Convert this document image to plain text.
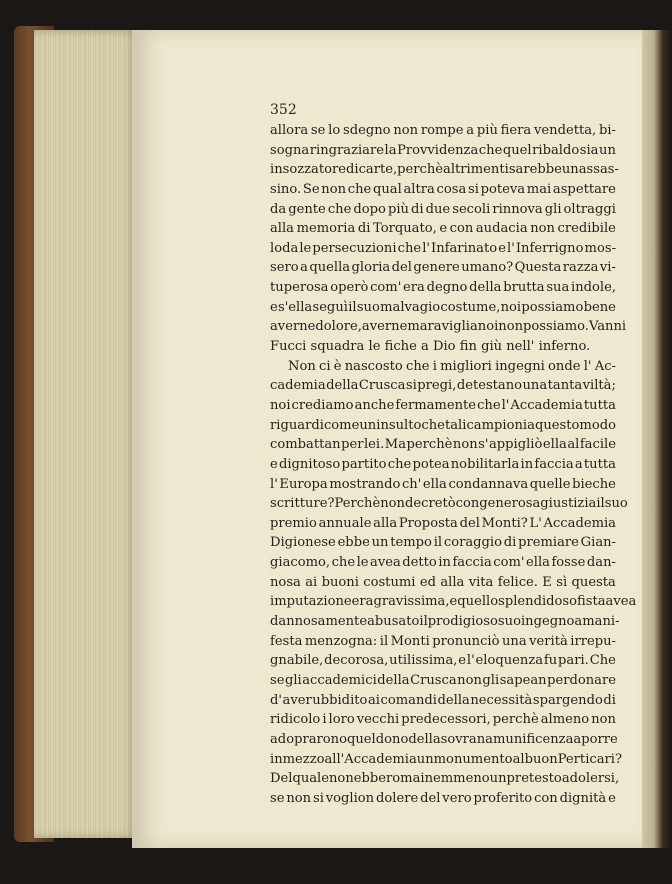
352
allora se lo sdegno non rompe a più fiera vendetta, bi-
sogna ringraziare la Provvidenza che quel ribaldo sia un
insozzatore di carte, perchè altrimenti sarebbe un assas-
sino. Se non che qual altra cosa si poteva mai aspettare
da gente che dopo più di due secoli rinnova gli oltraggi
alla memoria di Torquato, e con audacia non credibile
loda le persecuzioni che l' Infarinato e l' Inferrigno mos-
sero a quella gloria del genere umano? Questa razza vi-
tuperosa operò com' era degno della brutta sua indole,
e s'ella seguì il suo malvagio costume, noi possiamo bene
averne dolore, averne maraviglia noi non possiamo. Vanni
Fucci squadra le fiche a Dio fin giù nell' inferno.
Non ci è nascosto che i migliori ingegni onde l' Ac-
cademia della Crusca si pregi, detestano una tanta viltà;
noi crediamo anche fermamente che l' Accademia tutta
riguardi come un insulto che tali campioni a questo modo
combattan per lei. Ma perchè non s' appigliò ella al facile
e dignitoso partito che potea nobilitarla in faccia a tutta
l' Europa mostrando ch' ella condannava quelle bieche
scritture? Perchè non decretò con generosa giustizia il suo
premio annuale alla Proposta del Monti? L' Accademia
Digionese ebbe un tempo il coraggio di premiare Gian-
giacomo, che le avea detto in faccia com' ella fosse dan-
nosa ai buoni costumi ed alla vita felice. E sì questa
imputazione era gravissima, e quello splendido sofista avea
dannosamente abusato il prodigioso suo ingegno a mani-
festa menzogna: il Monti pronunciò una verità irrepu-
gnabile, decorosa, utilissima, e l' eloquenza fu pari. Che
se gli accademici della Crusca non gli sapean perdonare
d' aver ubbidito ai comandi della necessità spargendo di
ridicolo i loro vecchi predecessori, perchè almeno non
adoprarono quel dono della sovrana munificenza a porre
in mezzo all' Accademia un monumento al buon Perticari?
Del quale non ebbero mai nemmeno un pretesto a dolersi,
se non si voglion dolere del vero proferito con dignità e
